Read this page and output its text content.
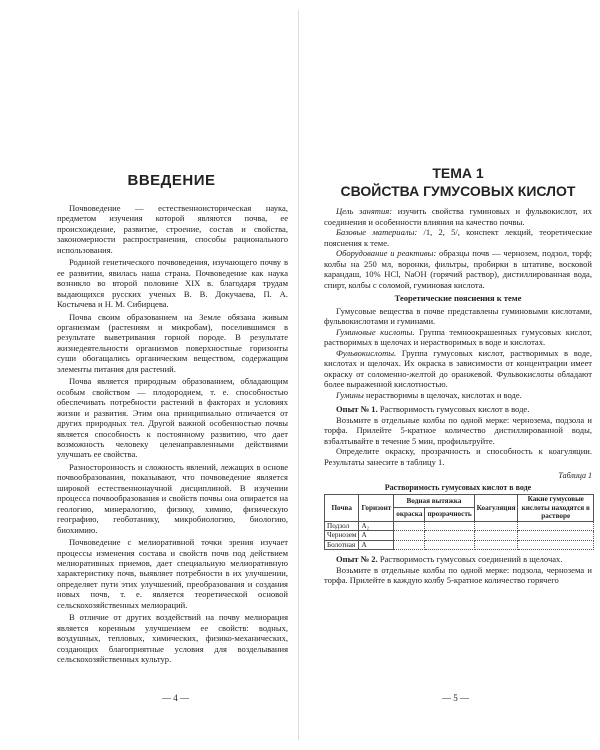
ВВЕДЕНИЕ

Почвоведение — естественноисторическая наука, предметом изучения которой являются почва, ее происхождение, развитие, строение, состав и свойства, закономерности распространения, способы рационального использования.

Родиной генетического почвоведения, изучающего почву в ее развитии, явилась наша страна. Почвоведение как наука возникло во второй половине XIX в. благодаря трудам выдающихся русских ученых В. В. Докучаева, П. А. Костычева и Н. М. Сибирцева.

Почва своим образованием на Земле обязана живым организмам (растениям и микробам), поселившимся в результате выветривания горной породе. В результате жизнедеятельности организмов поверхностные горизонты суши обогащались органическим веществом, содержащим элементы питания для растений.

Почва является природным образованием, обладающим особым свойством — плодородием, т. е. способностью обеспечивать потребности растений в факторах и условиях жизни и развития. Этим она принципиально отличается от других природных тел. Другой важной особенностью почвы является способность к постоянному развитию, что дает возможность человеку целенаправленными действиями улучшать ее свойства.

Разносторонность и сложность явлений, лежащих в основе почвообразования, показывают, что почвоведение является широкой естественнонаучной дисциплиной. В изучении процесса почвообразования и свойств почвы она опирается на геологию, минералогию, физику, химию, физическую географию, геоботанику, микробиологию, биологию, биохимию.

Почвоведение с мелиоративной точки зрения изучает процессы изменения состава и свойств почв под действием мелиоративных приемов, дает специальную мелиоративную характеристику почв, выявляет потребности в их улучшении, определяет пути этих улучшений, преобразования и создания новых почв, т. е. является теоретической основой сельскохозяйственных мелиораций.

В отличие от других воздействий на почву мелиорация является коренным улучшением ее свойств: водных, воздушных, тепловых, химических, физико-механических, создающих благоприятные условия для возделывания сельскохозяйственных культур.

— 4 —
ТЕМА 1
СВОЙСТВА ГУМУСОВЫХ КИСЛОТ

Цель занятия: изучить свойства гуминовых и фульвокислот, их соединения и особенности влияния на качество почвы.

Базовые материалы: /1, 2, 5/, конспект лекций, теоретические пояснения к теме.

Оборудование и реактивы: образцы почв — чернозем, подзол, торф; колбы на 250 мл, воронки, фильтры, пробирки в штативе, восковой карандаш, 10% HCl, NaOH (горячий раствор), дистиллированная вода, спирт, колбы с соломой, гуминовая кислота.

Теоретические пояснения к теме

Гумусовые вещества в почве представлены гуминовыми кислотами, фульвокислотами и гуминами.

Гуминовые кислоты. Группа темноокрашенных гумусовых кислот, растворимых в щелочах и нерастворимых в воде и кислотах.

Фульвокислоты. Группа гумусовых кислот, растворимых в воде, кислотах и щелочах. Их окраска в зависимости от концентрации имеет окраску от соломенно-желтой до оранжевой. Фульвокислоты обладают более выраженной кислотностью.

Гумины нерастворимы в щелочах, кислотах и воде.

Опыт № 1. Растворимость гумусовых кислот в воде.

Возьмите в отдельные колбы по одной мерке: чернозема, подзола и торфа. Прилейте 5-кратное количество дистиллированной воды, взбалтывайте в течение 5 мин, профильтруйте.

Определите окраску, прозрачность и способность к коагуляции. Результаты занесите в таблицу 1.

Таблица 1

Растворимость гумусовых кислот в воде

Почва	Горизонт	Водная вытяжка		Коагуляция	Какие гумусовые кислоты находятся в растворе
		окраска	прозрачность		
Подзол	A₂				
Чернозем	A				
Болотная	A				

Опыт № 2. Растворимость гумусовых соединений в щелочах.

Возьмите в отдельные колбы по одной мерке: подзола, чернозема и торфа. Прилейте в каждую колбу 5-кратное количество горячего

— 5 —
